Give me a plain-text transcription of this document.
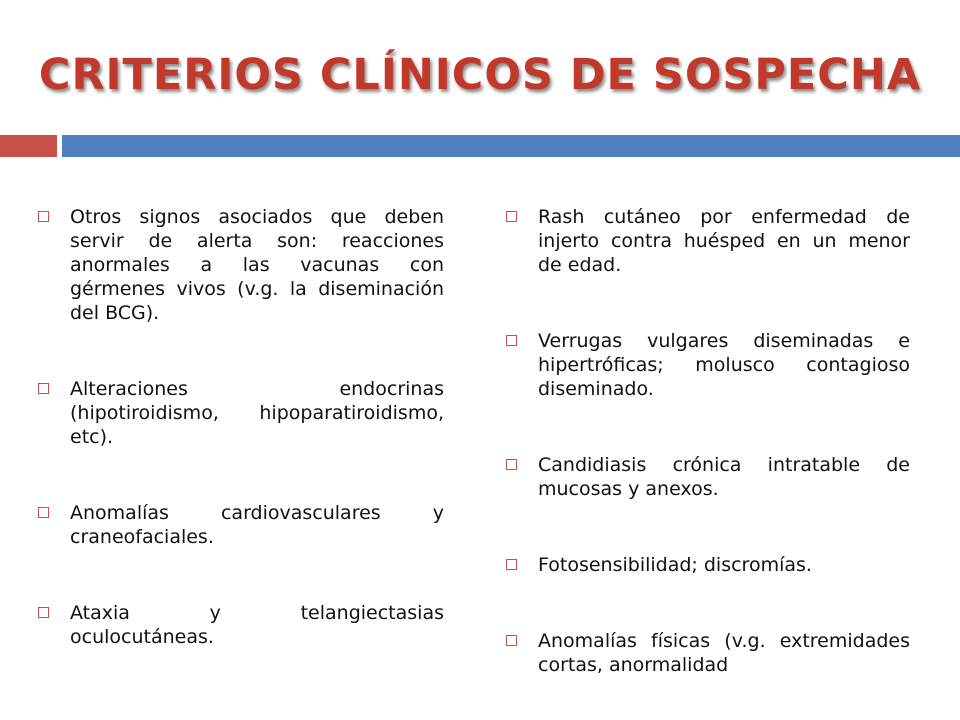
CRITERIOS CLÍNICOS DE SOSPECHA
Otros signos asociados que deben servir de alerta son: reacciones anormales a las vacunas con gérmenes vivos (v.g. la diseminación del BCG).
Alteraciones endocrinas (hipotiroidismo, hipoparatiroidismo, etc).
Anomalías cardiovasculares y craneofaciales.
Ataxia y telangiectasias oculocutáneas.
Rash cutáneo por enfermedad de injerto contra huésped en un menor de edad.
Verrugas vulgares diseminadas e hipertróficas; molusco contagioso diseminado.
Candidiasis crónica intratable de mucosas y anexos.
Fotosensibilidad; discromías.
Anomalías físicas (v.g. extremidades cortas, anormalidad
